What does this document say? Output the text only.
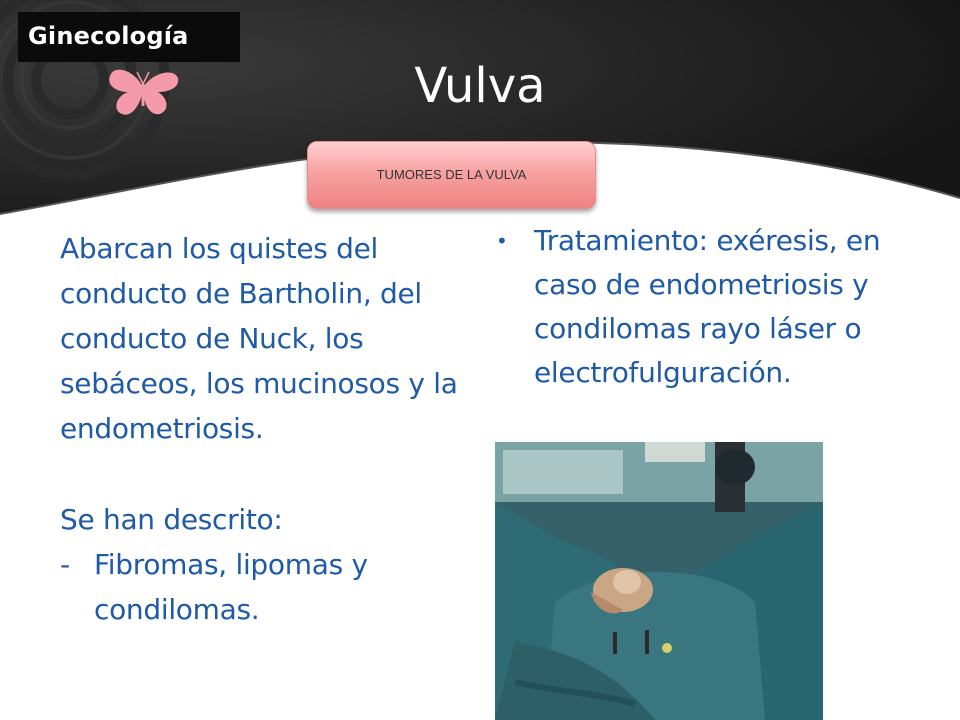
Ginecología
Vulva
TUMORES DE LA VULVA

Abarcan los quistes del conducto de Bartholin, del conducto de Nuck, los sebáceos, los mucinosos y la endometriosis.

Se han descrito:

- Fibromas, lipomas y condilomas.
• Tratamiento: exéresis, en caso de endometriosis y condilomas rayo láser o electrofulguración.
